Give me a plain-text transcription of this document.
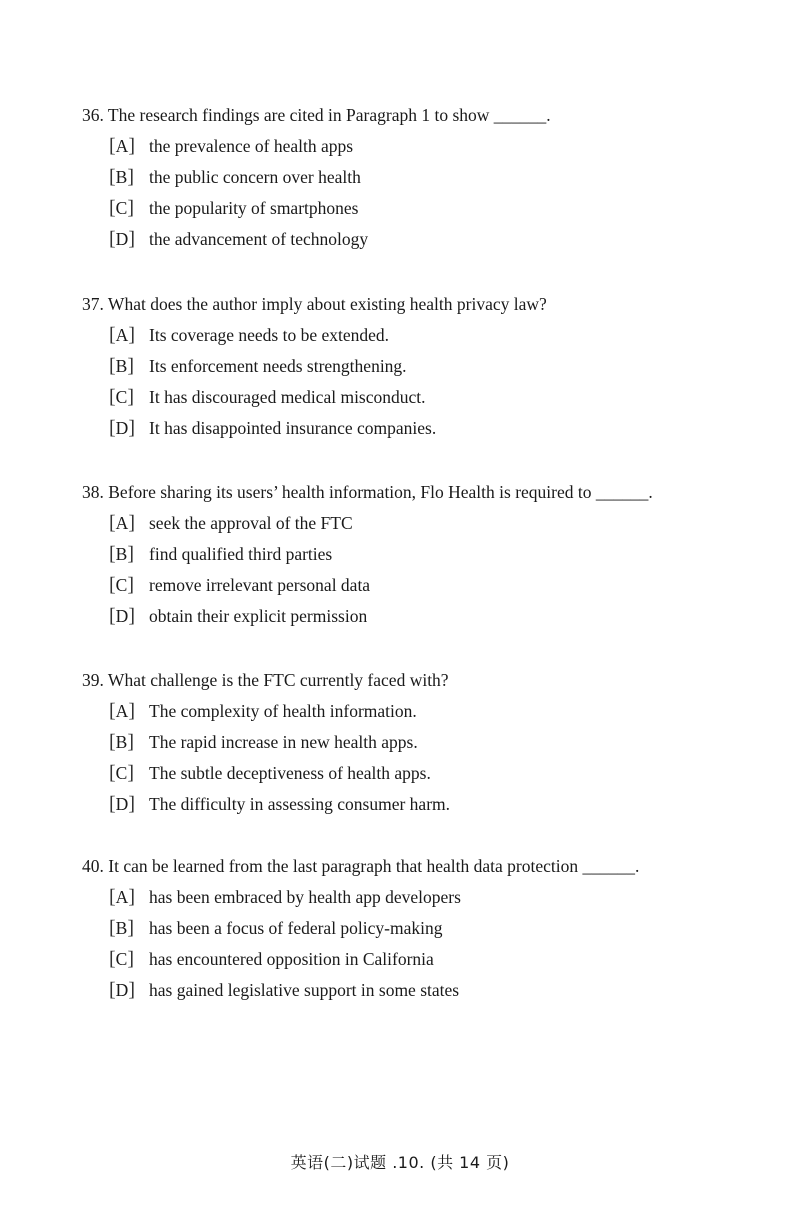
36. The research findings are cited in Paragraph 1 to show ______.
[A] the prevalence of health apps
[B] the public concern over health
[C] the popularity of smartphones
[D] the advancement of technology
37. What does the author imply about existing health privacy law?
[A] Its coverage needs to be extended.
[B] Its enforcement needs strengthening.
[C] It has discouraged medical misconduct.
[D] It has disappointed insurance companies.
38. Before sharing its users’ health information, Flo Health is required to ______.
[A] seek the approval of the FTC
[B] find qualified third parties
[C] remove irrelevant personal data
[D] obtain their explicit permission
39. What challenge is the FTC currently faced with?
[A] The complexity of health information.
[B] The rapid increase in new health apps.
[C] The subtle deceptiveness of health apps.
[D] The difficulty in assessing consumer harm.
40. It can be learned from the last paragraph that health data protection ______.
[A] has been embraced by health app developers
[B] has been a focus of federal policy-making
[C] has encountered opposition in California
[D] has gained legislative support in some states
英语(二)试题 .10. (共 14 页)
